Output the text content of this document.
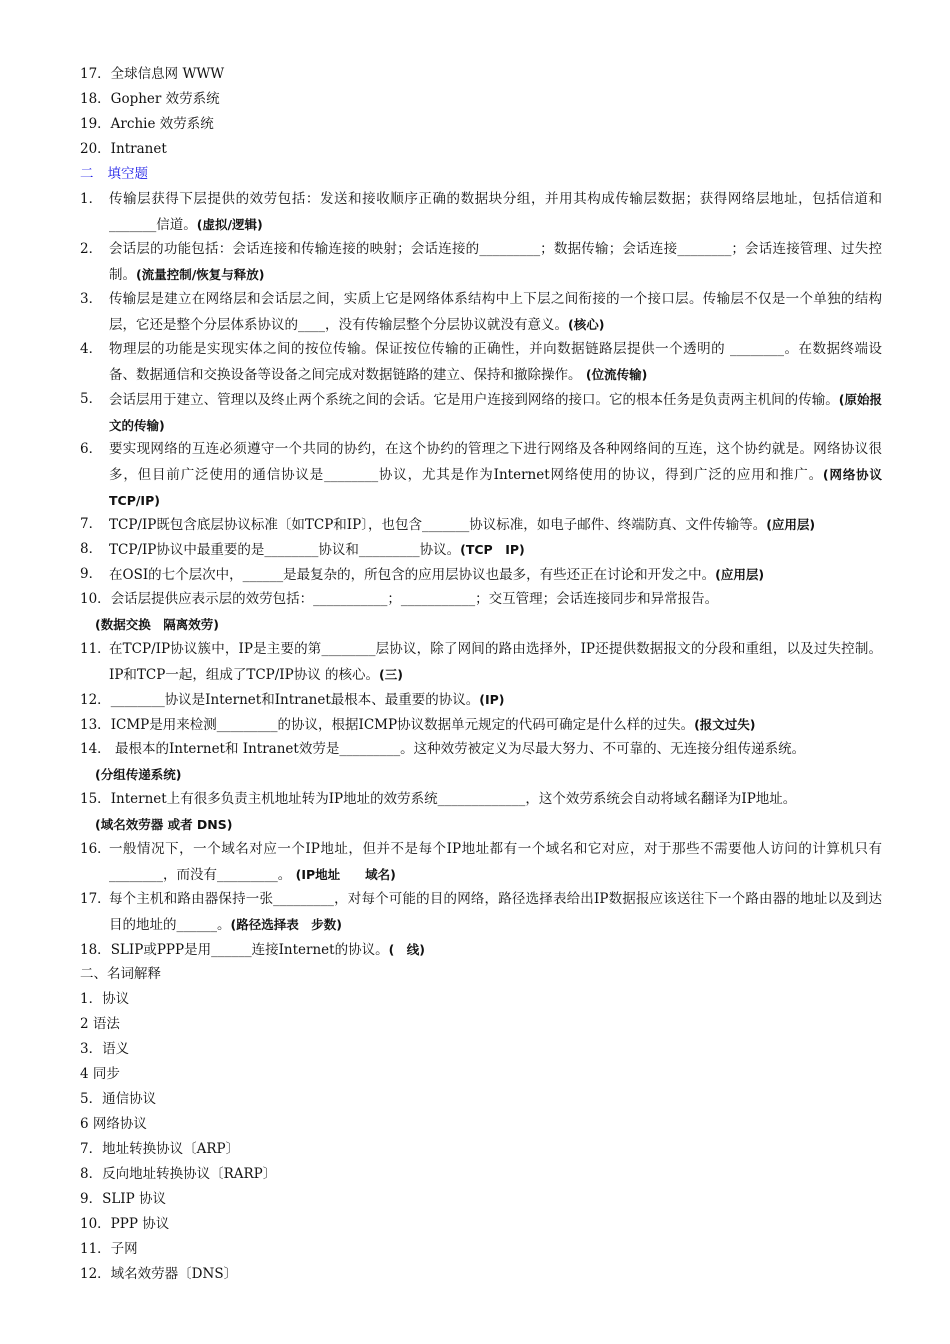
17．全球信息网 WWW
18．Gopher 效劳系统
19．Archie 效劳系统
20．Intranet
二 填空题
1． 传输层获得下层提供的效劳包括：发送和接收顺序正确的数据块分组，并用其构成传输层数据；获得网络层地址，包括信道和_______信道。(虚拟/逻辑)
2． 会话层的功能包括：会话连接和传输连接的映射；会话连接的_________；数据传输；会话连接________；会话连接管理、过失控制。(流量控制/恢复与释放)
3． 传输层是建立在网络层和会话层之间，实质上它是网络体系结构中上下层之间衔接的一个接口层。传输层不仅是一个单独的结构层，它还是整个分层体系协议的____，没有传输层整个分层协议就没有意义。(核心)
4． 物理层的功能是实现实体之间的按位传输。保证按位传输的正确性，并向数据链路层提供一个透明的 ________。在数据终端设备、数据通信和交换设备等设备之间完成对数据链路的建立、保持和撤除操作。 (位流传输)
5． 会话层用于建立、管理以及终止两个系统之间的会话。它是用户连接到网络的接口。它的根本任务是负责两主机间的传输。(原始报文的传输)
6． 要实现网络的互连必须遵守一个共同的协约，在这个协约的管理之下进行网络及各种网络间的互连，这个协约就是。网络协议很多，但目前广泛使用的通信协议是________协议，尤其是作为Internet网络使用的协议，得到广泛的应用和推广。(网络协议　TCP/IP)
7． TCP/IP既包含底层协议标准〔如TCP和IP〕，也包含_______协议标准，如电子邮件、终端防真、文件传输等。(应用层)
8． TCP/IP协议中最重要的是________协议和_________协议。(TCP　IP)
9． 在OSI的七个层次中，______是最复杂的，所包含的应用层协议也最多，有些还正在讨论和开发之中。(应用层)
10．会话层提供应表示层的效劳包括：___________；___________；交互管理；会话连接同步和异常报告。
(数据交换　隔离效劳)
11．
在TCP/IP协议簇中，IP是主要的第________层协议，除了网间的路由选择外，IP还提供数据报文的分段和重组，以及过失控制。IP和TCP一起，组成了TCP/IP协议 的核心。(三)
12．________协议是Internet和Intranet最根本、最重要的协议。(IP)
13．ICMP是用来检测_________的协议，根据ICMP协议数据单元规定的代码可确定是什么样的过失。(报文过失)
14． 最根本的Internet和 Intranet效劳是_________。这种效劳被定义为尽最大努力、不可靠的、无连接分组传递系统。
(分组传递系统)
15．Internet上有很多负责主机地址转为IP地址的效劳系统_____________，这个效劳系统会自动将域名翻译为IP地址。
(域名效劳器 或者 DNS)
16．
一般情况下，一个域名对应一个IP地址，但并不是每个IP地址都有一个域名和它对应，对于那些不需要他人访问的计算机只有________，而没有_________。 (IP地址　　域名)
17．
每个主机和路由器保持一张_________，对每个可能的目的网络，路径选择表给出IP数据报应该送往下一个路由器的地址以及到达目的地址的______。(路径选择表　步数)
18．SLIP或PPP是用______连接Internet的协议。(　线)
二、名词解释
1．协议
2 语法
3．语义
4 同步
5．通信协议
6 网络协议
7．地址转换协议〔ARP〕
8．反向地址转换协议〔RARP〕
9．SLIP 协议
10．PPP 协议
11．子网
12．域名效劳器〔DNS〕
